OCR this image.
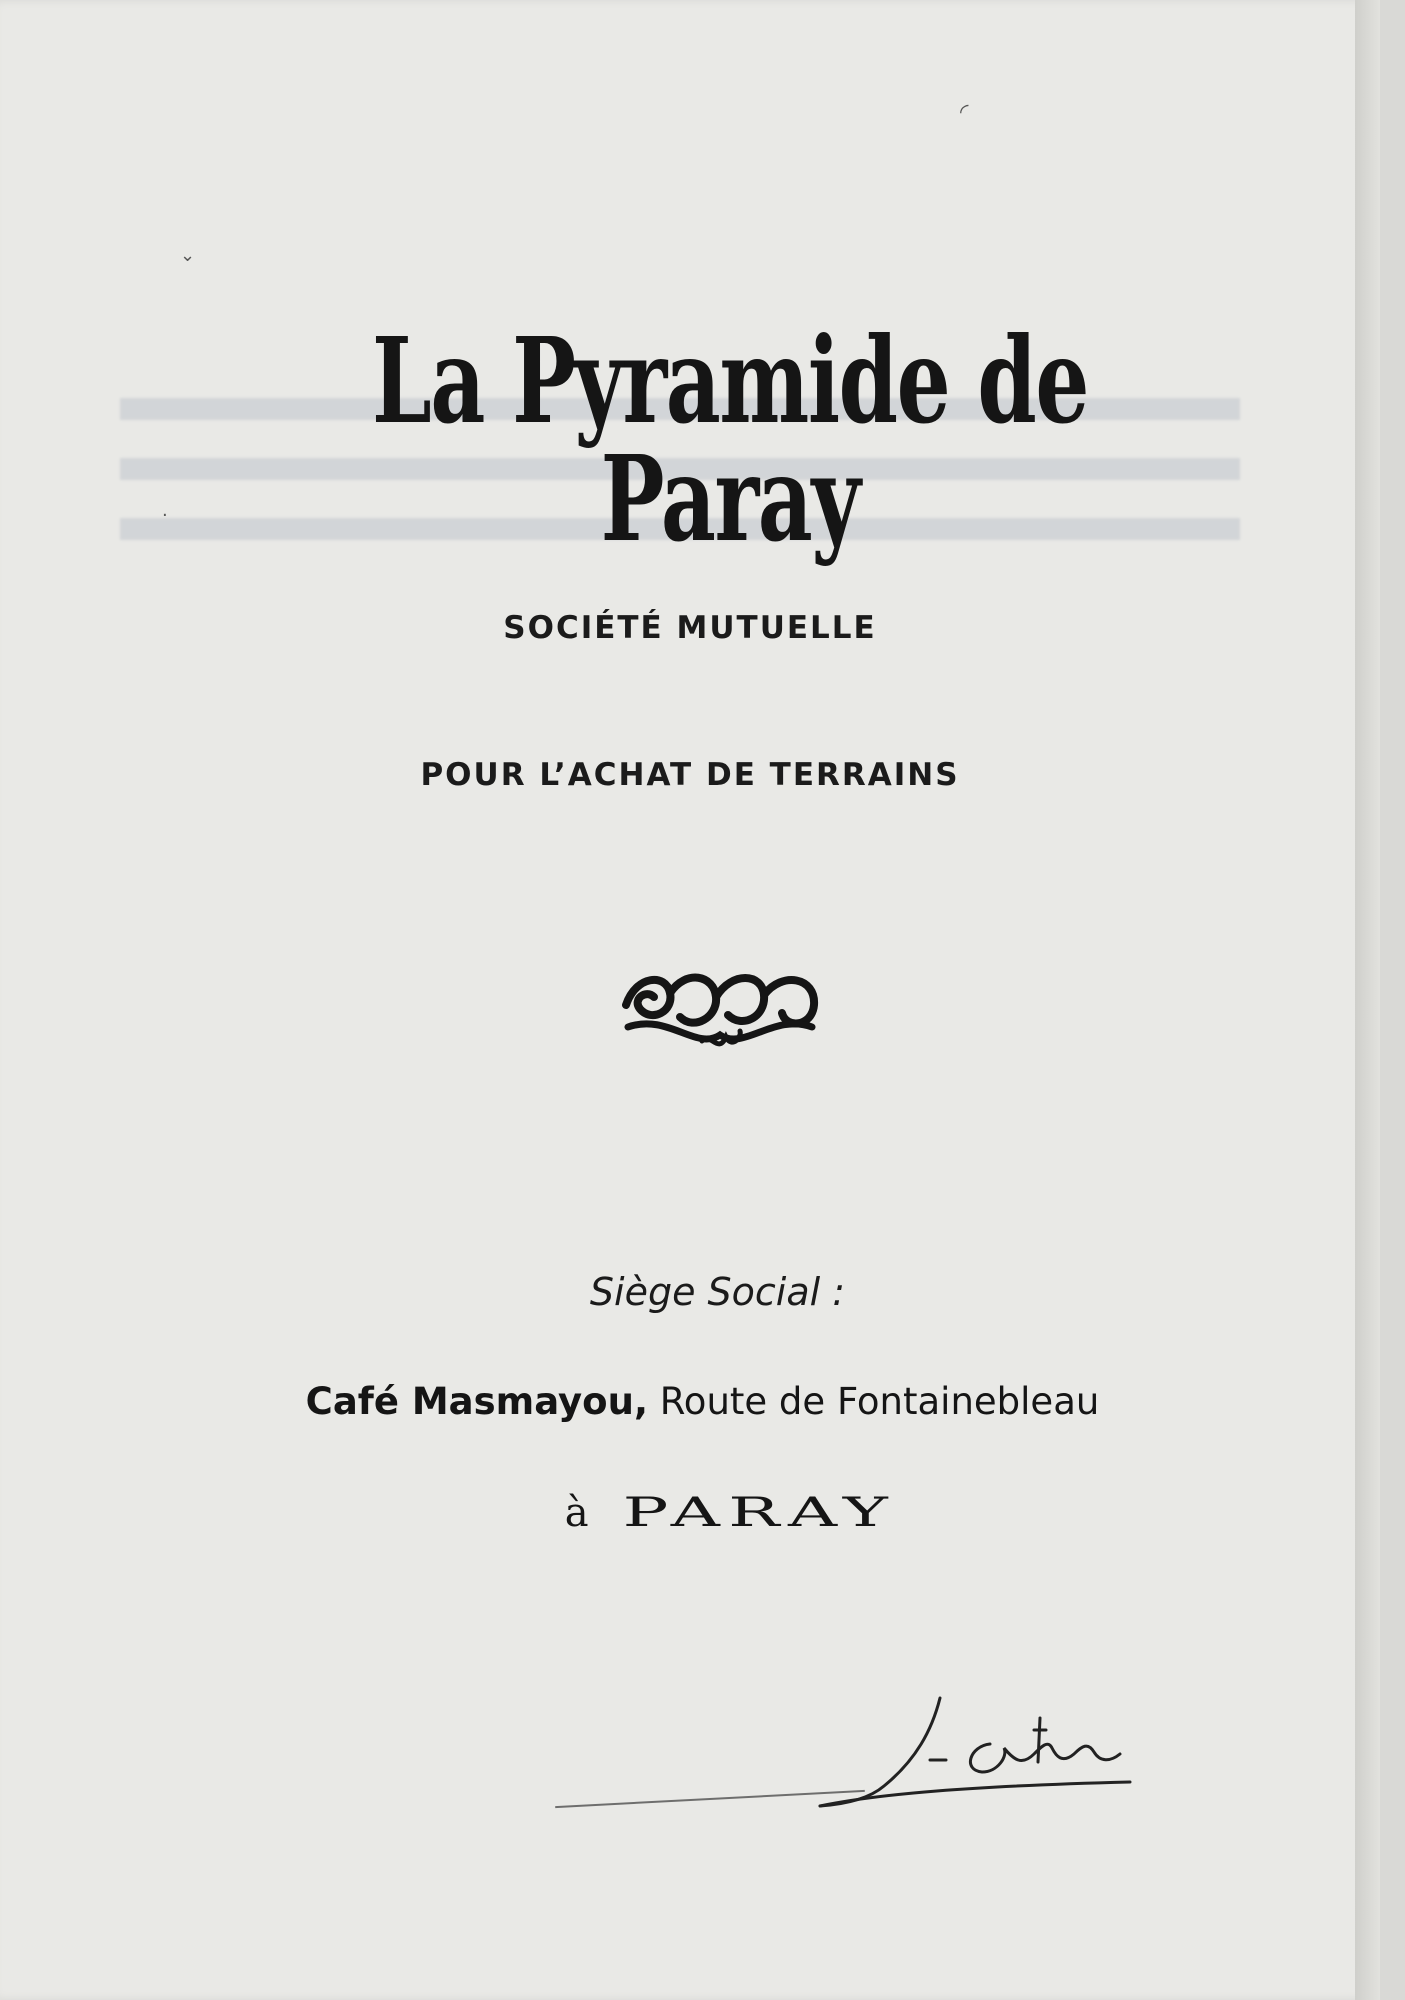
La Pyramide de Paray
SOCIÉTÉ MUTUELLE
POUR L’ACHAT DE TERRAINS
Siège Social :
Café Masmayou, Route de Fontainebleau
à PARAY
◜
⌄
·
